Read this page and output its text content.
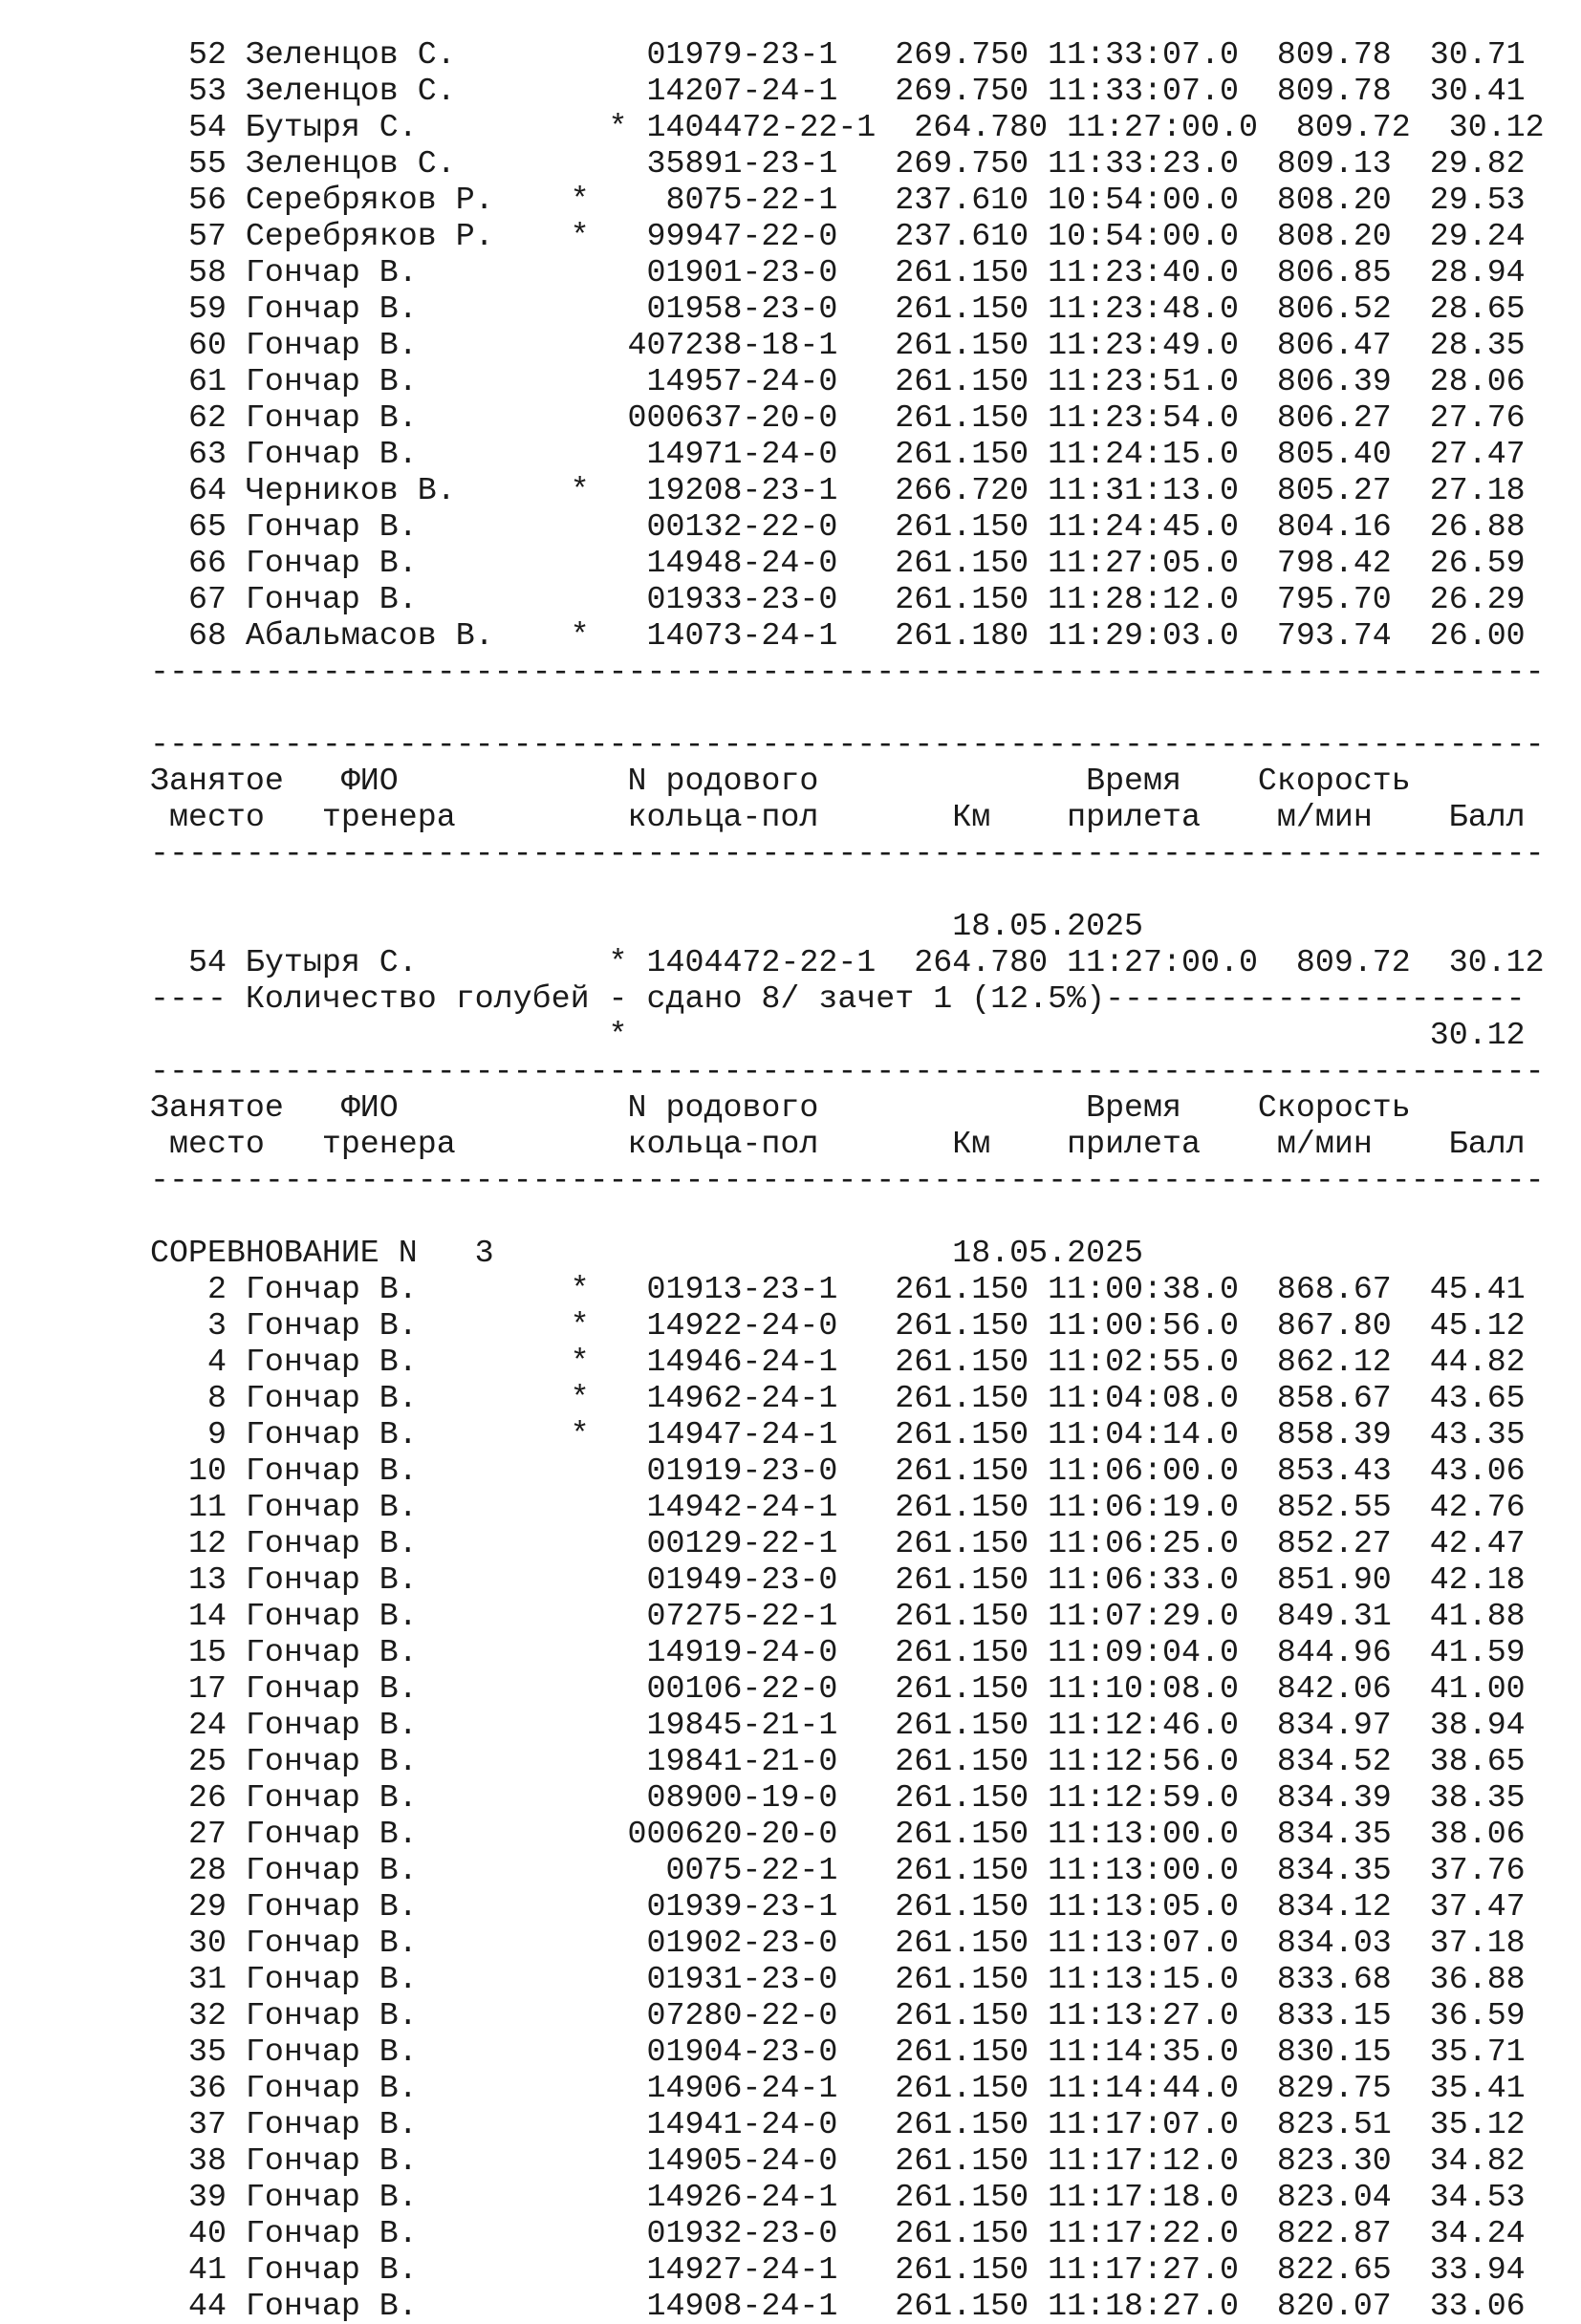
52 Зеленцов С.          01979-23-1   269.750 11:33:07.0  809.78  30.71
53 Зеленцов С.          14207-24-1   269.750 11:33:07.0  809.78  30.41
54 Бутыря С.          * 1404472-22-1  264.780 11:27:00.0  809.72  30.12
55 Зеленцов С.          35891-23-1   269.750 11:33:23.0  809.13  29.82
56 Серебряков Р.    *    8075-22-1   237.610 10:54:00.0  808.20  29.53
57 Серебряков Р.    *   99947-22-0   237.610 10:54:00.0  808.20  29.24
58 Гончар В.            01901-23-0   261.150 11:23:40.0  806.85  28.94
59 Гончар В.            01958-23-0   261.150 11:23:48.0  806.52  28.65
60 Гончар В.           407238-18-1   261.150 11:23:49.0  806.47  28.35
61 Гончар В.            14957-24-0   261.150 11:23:51.0  806.39  28.06
62 Гончар В.           000637-20-0   261.150 11:23:54.0  806.27  27.76
63 Гончар В.            14971-24-0   261.150 11:24:15.0  805.40  27.47
64 Черников В.      *   19208-23-1   266.720 11:31:13.0  805.27  27.18
65 Гончар В.            00132-22-0   261.150 11:24:45.0  804.16  26.88
66 Гончар В.            14948-24-0   261.150 11:27:05.0  798.42  26.59
67 Гончар В.            01933-23-0   261.150 11:28:12.0  795.70  26.29
68 Абальмасов В.    *   14073-24-1   261.180 11:29:03.0  793.74  26.00
-------------------------------------------------------------------------

-------------------------------------------------------------------------
Занятое   ФИО            N родового              Время    Скорость
место   тренера         кольца-пол       Км    прилета    м/мин    Балл
-------------------------------------------------------------------------

18.05.2025
54 Бутыря С.          * 1404472-22-1  264.780 11:27:00.0  809.72  30.12
---- Количество голубей - сдано 8/ зачет 1 (12.5%)----------------------
*                                          30.12
-------------------------------------------------------------------------
Занятое   ФИО            N родового              Время    Скорость
место   тренера         кольца-пол       Км    прилета    м/мин    Балл
-------------------------------------------------------------------------

СОРЕВНОВАНИЕ N   3                        18.05.2025
2 Гончар В.        *   01913-23-1   261.150 11:00:38.0  868.67  45.41
3 Гончар В.        *   14922-24-0   261.150 11:00:56.0  867.80  45.12
4 Гончар В.        *   14946-24-1   261.150 11:02:55.0  862.12  44.82
8 Гончар В.        *   14962-24-1   261.150 11:04:08.0  858.67  43.65
9 Гончар В.        *   14947-24-1   261.150 11:04:14.0  858.39  43.35
10 Гончар В.            01919-23-0   261.150 11:06:00.0  853.43  43.06
11 Гончар В.            14942-24-1   261.150 11:06:19.0  852.55  42.76
12 Гончар В.            00129-22-1   261.150 11:06:25.0  852.27  42.47
13 Гончар В.            01949-23-0   261.150 11:06:33.0  851.90  42.18
14 Гончар В.            07275-22-1   261.150 11:07:29.0  849.31  41.88
15 Гончар В.            14919-24-0   261.150 11:09:04.0  844.96  41.59
17 Гончар В.            00106-22-0   261.150 11:10:08.0  842.06  41.00
24 Гончар В.            19845-21-1   261.150 11:12:46.0  834.97  38.94
25 Гончар В.            19841-21-0   261.150 11:12:56.0  834.52  38.65
26 Гончар В.            08900-19-0   261.150 11:12:59.0  834.39  38.35
27 Гончар В.           000620-20-0   261.150 11:13:00.0  834.35  38.06
28 Гончар В.             0075-22-1   261.150 11:13:00.0  834.35  37.76
29 Гончар В.            01939-23-1   261.150 11:13:05.0  834.12  37.47
30 Гончар В.            01902-23-0   261.150 11:13:07.0  834.03  37.18
31 Гончар В.            01931-23-0   261.150 11:13:15.0  833.68  36.88
32 Гончар В.            07280-22-0   261.150 11:13:27.0  833.15  36.59
35 Гончар В.            01904-23-0   261.150 11:14:35.0  830.15  35.71
36 Гончар В.            14906-24-1   261.150 11:14:44.0  829.75  35.41
37 Гончар В.            14941-24-0   261.150 11:17:07.0  823.51  35.12
38 Гончар В.            14905-24-0   261.150 11:17:12.0  823.30  34.82
39 Гончар В.            14926-24-1   261.150 11:17:18.0  823.04  34.53
40 Гончар В.            01932-23-0   261.150 11:17:22.0  822.87  34.24
41 Гончар В.            14927-24-1   261.150 11:17:27.0  822.65  33.94
44 Гончар В.            14908-24-1   261.150 11:18:27.0  820.07  33.06
